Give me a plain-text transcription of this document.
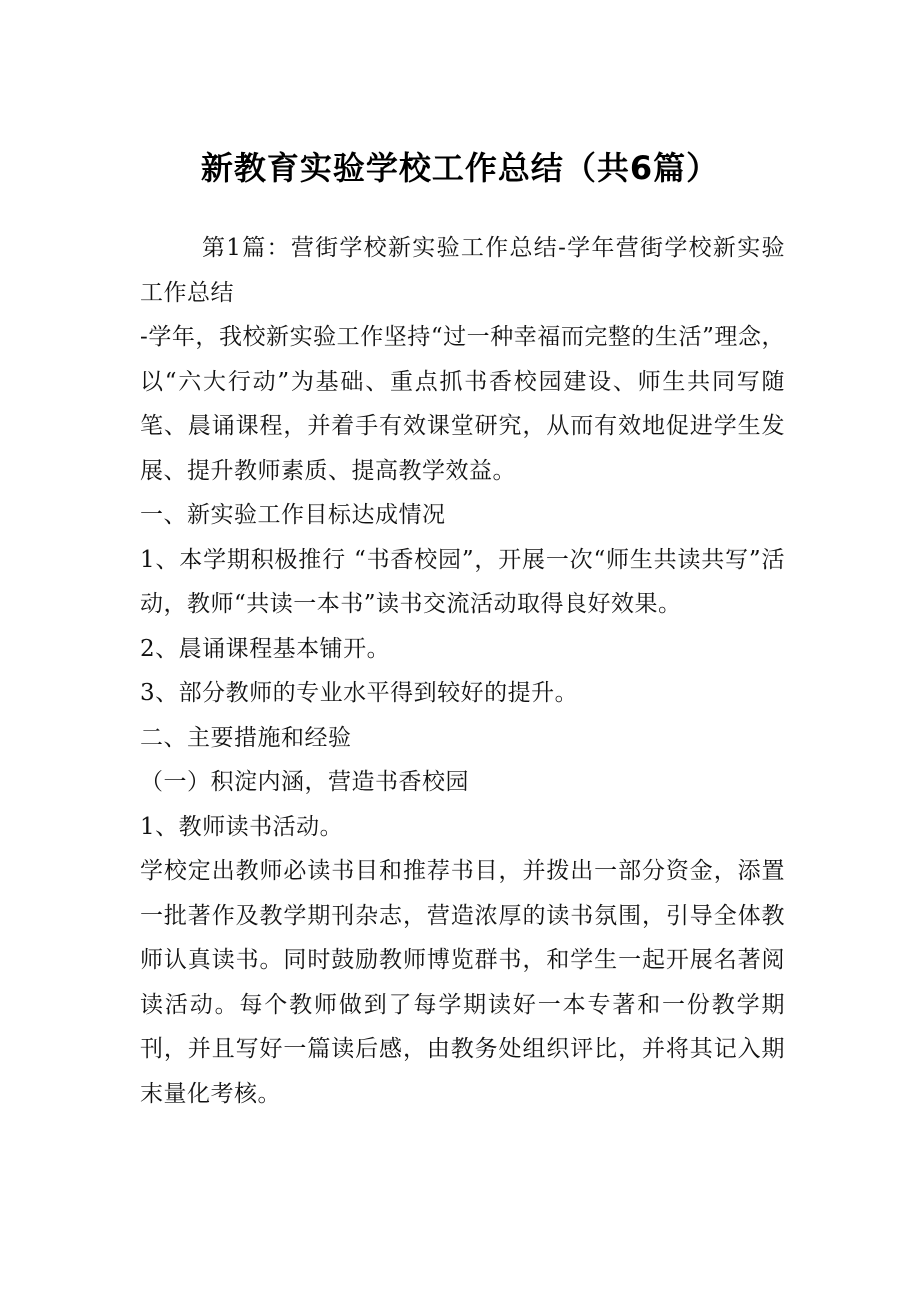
新教育实验学校工作总结（共6篇）

第1篇：营街学校新实验工作总结-学年营街学校新实验工作总结

-学年，我校新实验工作坚持“过一种幸福而完整的生活”理念，以“六大行动”为基础、重点抓书香校园建设、师生共同写随笔、晨诵课程，并着手有效课堂研究，从而有效地促进学生发展、提升教师素质、提高教学效益。

一、新实验工作目标达成情况

1、本学期积极推行 “书香校园”，开展一次“师生共读共写”活动，教师“共读一本书”读书交流活动取得良好效果。

2、晨诵课程基本铺开。

3、部分教师的专业水平得到较好的提升。

二、主要措施和经验

（一）积淀内涵，营造书香校园

1、教师读书活动。

学校定出教师必读书目和推荐书目，并拨出一部分资金，添置一批著作及教学期刊杂志，营造浓厚的读书氛围，引导全体教师认真读书。同时鼓励教师博览群书，和学生一起开展名著阅读活动。每个教师做到了每学期读好一本专著和一份教学期刊，并且写好一篇读后感，由教务处组织评比，并将其记入期末量化考核。
